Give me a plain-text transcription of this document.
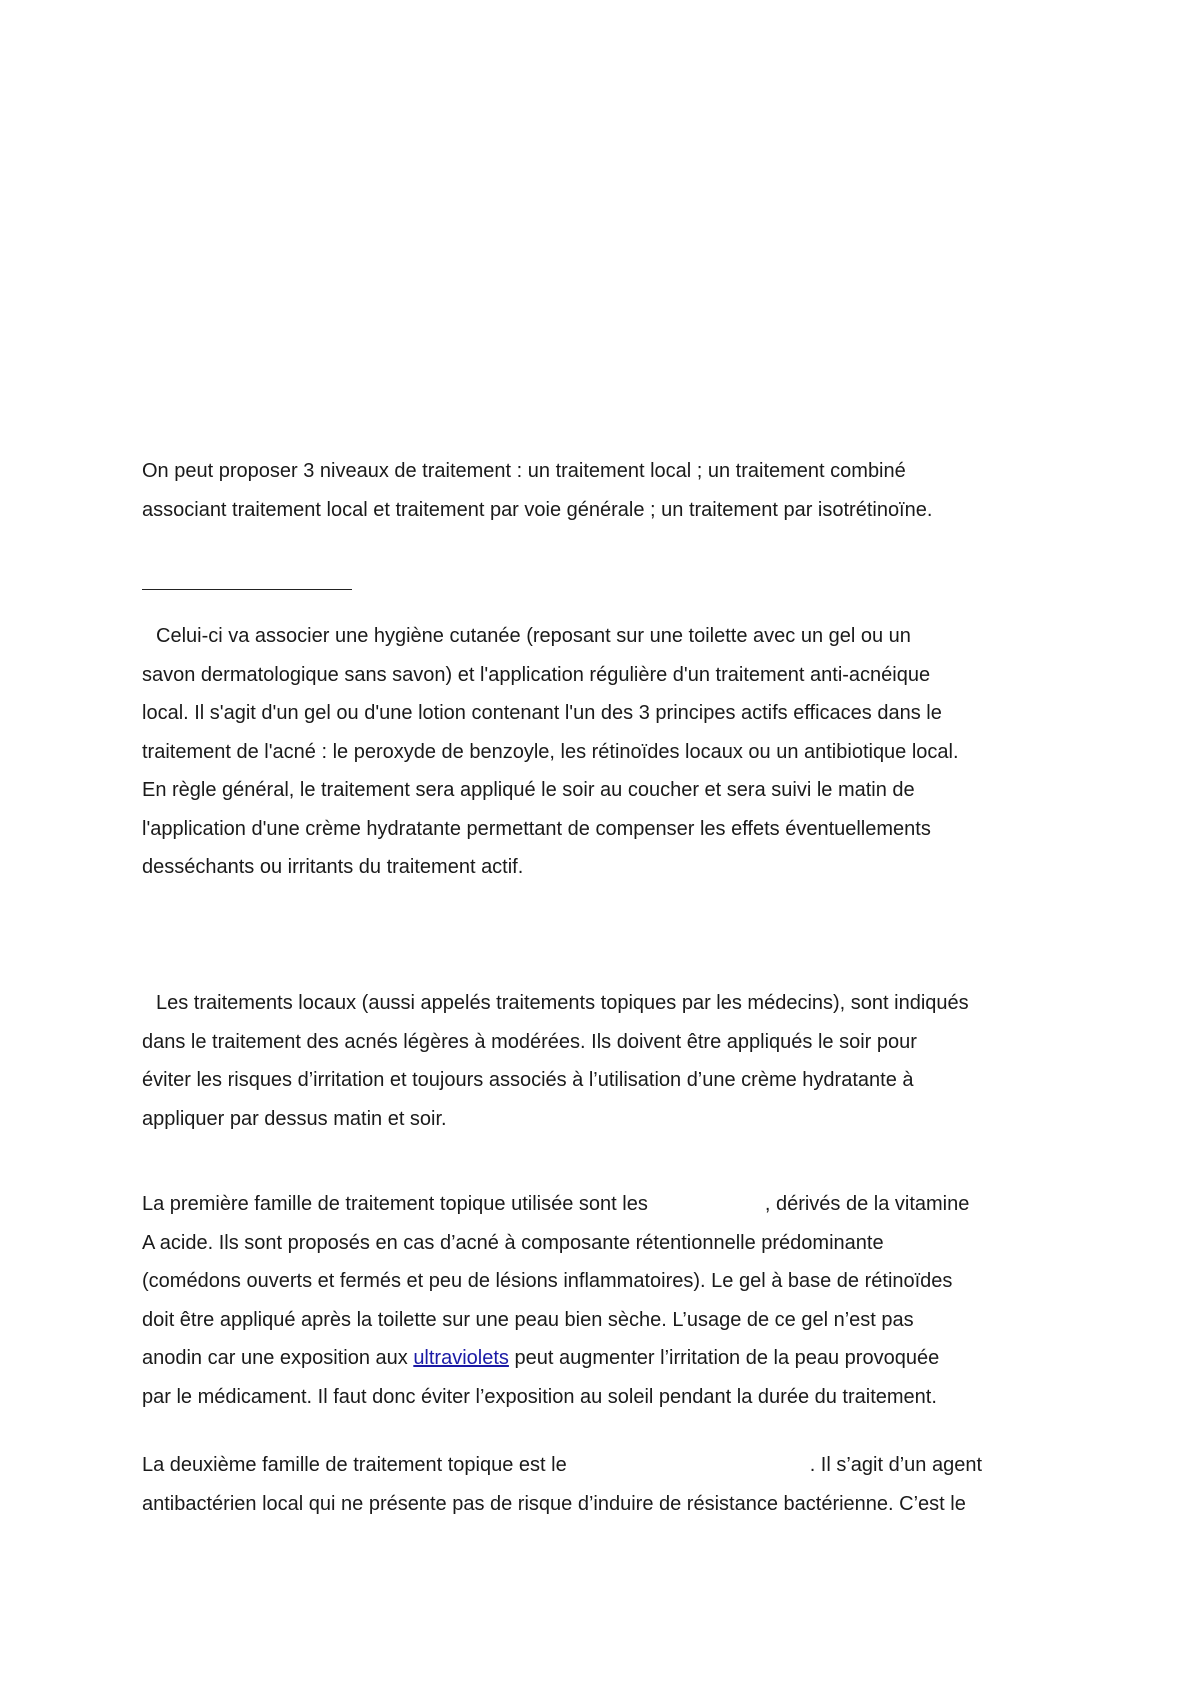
On peut proposer 3 niveaux de traitement : un traitement local ; un traitement combiné
associant traitement local et traitement par voie générale ; un traitement par isotrétinoïne.

Celui-ci va associer une hygiène cutanée (reposant sur une toilette avec un gel ou un
savon dermatologique sans savon) et l'application régulière d'un traitement anti-acnéique
local. Il s'agit d'un gel ou d'une lotion contenant l'un des 3 principes actifs efficaces dans le
traitement de l'acné : le peroxyde de benzoyle, les rétinoïdes locaux ou un antibiotique local.
En règle général, le traitement sera appliqué le soir au coucher et sera suivi le matin de
l'application d'une crème hydratante permettant de compenser les effets éventuellements
desséchants ou irritants du traitement actif.

Les traitements locaux (aussi appelés traitements topiques par les médecins), sont indiqués
dans le traitement des acnés légères à modérées. Ils doivent être appliqués le soir pour
éviter les risques d’irritation et toujours associés à l’utilisation d’une crème hydratante à
appliquer par dessus matin et soir.

La première famille de traitement topique utilisée sont les	, dérivés de la vitamine
A acide. Ils sont proposés en cas d’acné à composante rétentionnelle prédominante
(comédons ouverts et fermés et peu de lésions inflammatoires). Le gel à base de rétinoïdes
doit être appliqué après la toilette sur une peau bien sèche. L’usage de ce gel n’est pas
anodin car une exposition aux ultraviolets peut augmenter l’irritation de la peau provoquée
par le médicament. Il faut donc éviter l’exposition au soleil pendant la durée du traitement.

La deuxième famille de traitement topique est le	. Il s’agit d’un agent
antibactérien local qui ne présente pas de risque d’induire de résistance bactérienne. C’est le
